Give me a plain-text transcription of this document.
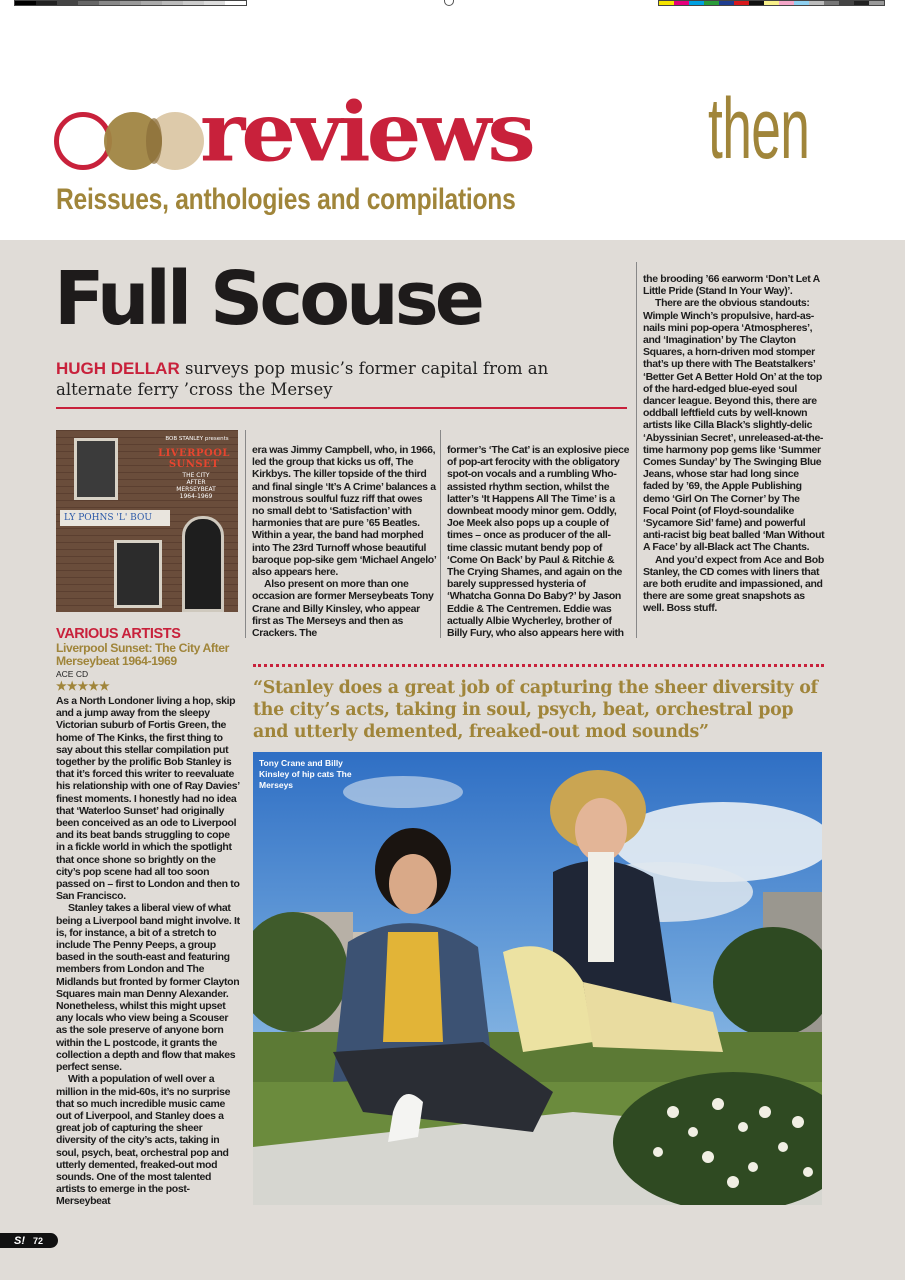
reviews then
Reissues, anthologies and compilations
Full Scouse
HUGH DELLAR surveys pop music’s former capital from an alternate ferry ’cross the Mersey
LY POHNS 'L' BOU
BOB STANLEY presents
LIVERPOOL
SUNSET
THE CITY
AFTER
MERSEYBEAT
1964-1969
VARIOUS ARTISTS
Liverpool Sunset: The City After Merseybeat 1964-1969
ACE CD
★★★★★

As a North Londoner living a hop, skip and a jump away from the sleepy Victorian suburb of Fortis Green, the home of The Kinks, the first thing to say about this stellar compilation put together by the prolific Bob Stanley is that it’s forced this writer to reevaluate his relationship with one of Ray Davies’ finest moments. I honestly had no idea that ‘Waterloo Sunset’ had originally been conceived as an ode to Liverpool and its beat bands struggling to cope in a fickle world in which the spotlight that once shone so brightly on the city’s pop scene had all too soon passed on – first to London and then to San Francisco.

Stanley takes a liberal view of what being a Liverpool band might involve. It is, for instance, a bit of a stretch to include The Penny Peeps, a group based in the south-east and featuring members from London and The Midlands but fronted by former Clayton Squares main man Denny Alexander. Nonetheless, whilst this might upset any locals who view being a Scouser as the sole preserve of anyone born within the L postcode, it grants the collection a depth and flow that makes perfect sense.

With a population of well over a million in the mid-60s, it’s no surprise that so much incredible music came out of Liverpool, and Stanley does a great job of capturing the sheer diversity of the city’s acts, taking in soul, psych, beat, orchestral pop and utterly demented, freaked-out mod sounds. One of the most talented artists to emerge in the post-Merseybeat

era was Jimmy Campbell, who, in 1966, led the group that kicks us off, The Kirkbys. The killer topside of the third and final single ‘It’s A Crime’ balances a monstrous soulful fuzz riff that owes no small debt to ‘Satisfaction’ with harmonies that are pure ’65 Beatles. Within a year, the band had morphed into The 23rd Turnoff whose beautiful baroque pop-sike gem ‘Michael Angelo’ also appears here.

Also present on more than one occasion are former Merseybeats Tony Crane and Billy Kinsley, who appear first as The Merseys and then as Crackers. The

former’s ‘The Cat’ is an explosive piece of pop-art ferocity with the obligatory spot-on vocals and a rumbling Who-assisted rhythm section, whilst the latter’s ‘It Happens All The Time’ is a downbeat moody minor gem. Oddly, Joe Meek also pops up a couple of times – once as producer of the all-time classic mutant bendy pop of ‘Come On Back’ by Paul & Ritchie & The Crying Shames, and again on the barely suppressed hysteria of ‘Whatcha Gonna Do Baby?’ by Jason Eddie & The Centremen. Eddie was actually Albie Wycherley, brother of Billy Fury, who also appears here with

the brooding ’66 earworm ‘Don’t Let A Little Pride (Stand In Your Way)’.

There are the obvious standouts: Wimple Winch’s propulsive, hard-as-nails mini pop-opera ‘Atmospheres’, and ‘Imagination’ by The Clayton Squares, a horn-driven mod stomper that’s up there with The Beatstalkers’ ‘Better Get A Better Hold On’ at the top of the hard-edged blue-eyed soul dancer league. Beyond this, there are oddball leftfield cuts by well-known artists like Cilla Black’s slightly-delic ‘Abyssinian Secret’, unreleased-at-the-time harmony pop gems like ‘Summer Comes Sunday’ by The Swinging Blue Jeans, whose star had long since faded by ’69, the Apple Publishing demo ‘Girl On The Corner’ by The Focal Point (of Floyd-soundalike ‘Sycamore Sid’ fame) and powerful anti-racist big beat balled ‘Man Without A Face’ by all-Black act The Chants.

And you’d expect from Ace and Bob Stanley, the CD comes with liners that are both erudite and impassioned, and there are some great snapshots as well. Boss stuff.

“Stanley does a great job of capturing the sheer diversity of the city’s acts, taking in soul, psych, beat, orchestral pop and utterly demented, freaked-out mod sounds”
Tony Crane and Billy Kinsley of hip cats The Merseys
S! 72
